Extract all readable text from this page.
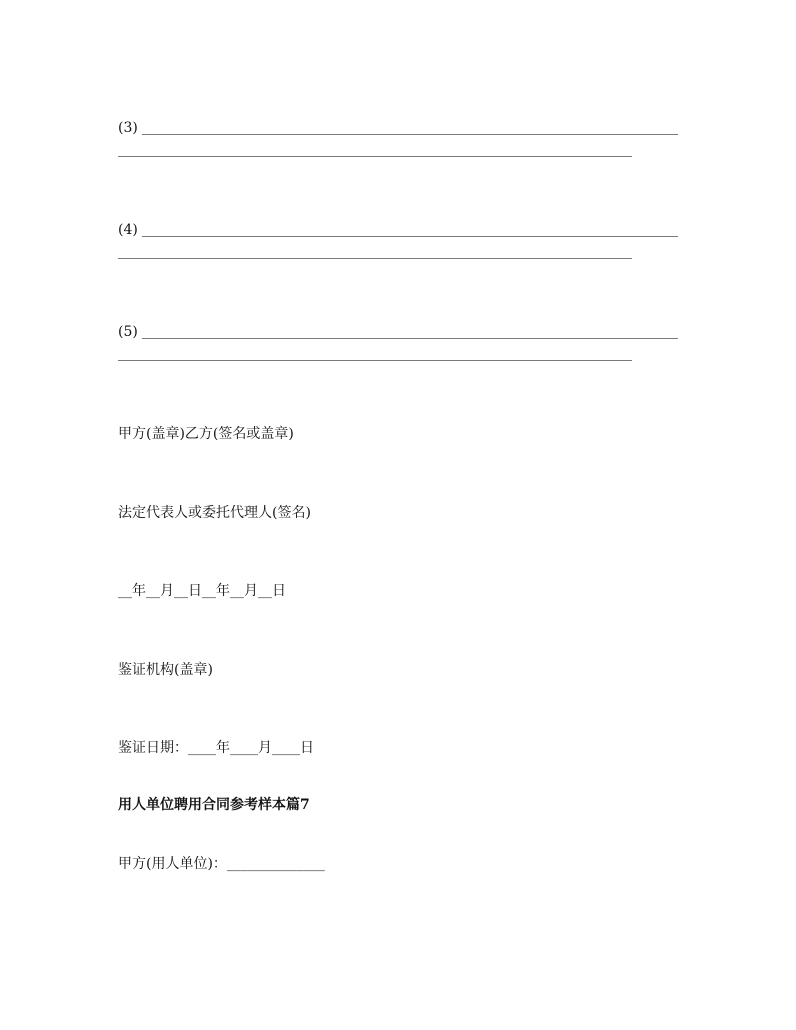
(3)
(4)
(5)
甲方(盖章)乙方(签名或盖章)
法定代表人或委托代理人(签名)
__年__月__日__年__月__日
鉴证机构(盖章)
鉴证日期：____年____月____日
用人单位聘用合同参考样本篇7
甲方(用人单位)：______________
